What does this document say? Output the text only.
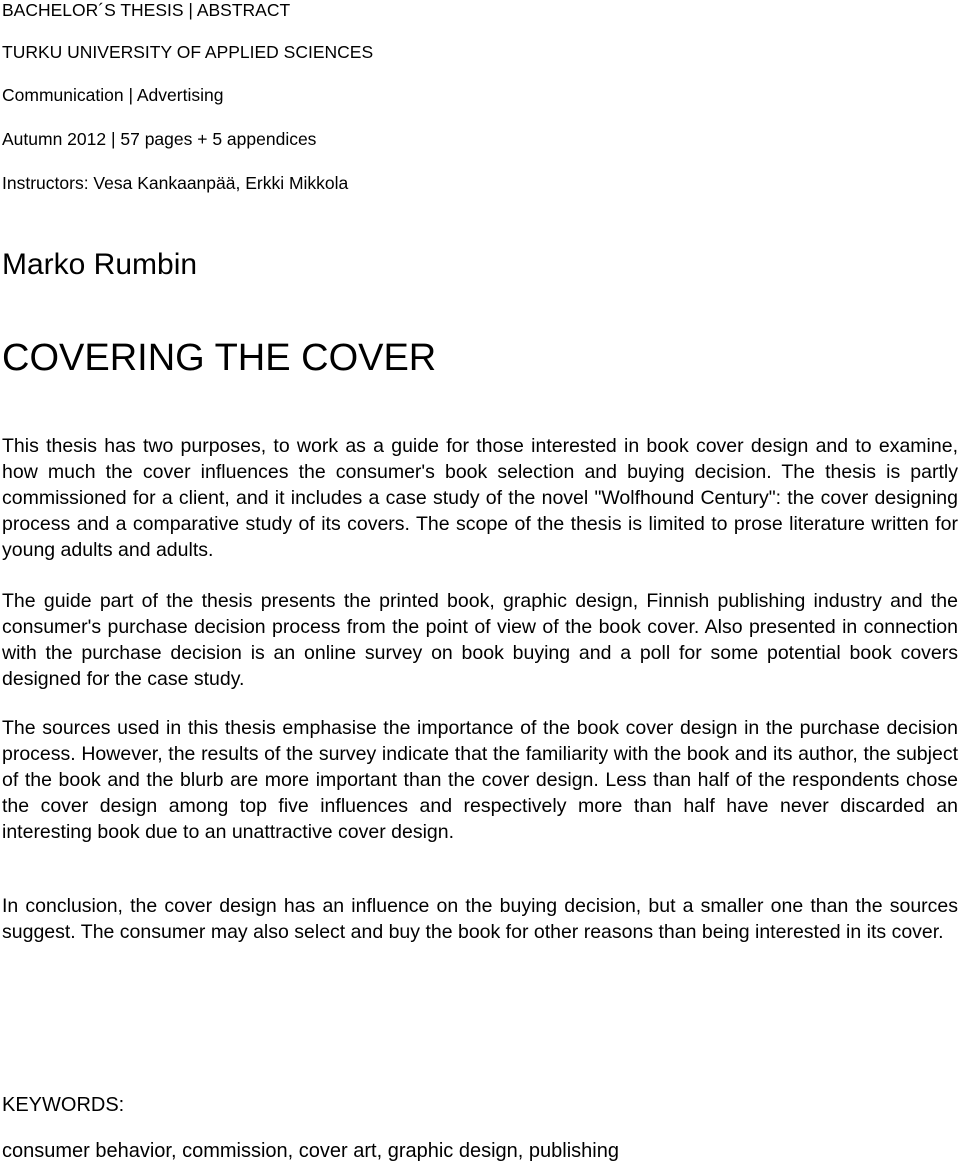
BACHELOR´S THESIS | ABSTRACT
TURKU UNIVERSITY OF APPLIED SCIENCES
Communication | Advertising
Autumn 2012 | 57 pages + 5 appendices
Instructors: Vesa Kankaanpää, Erkki Mikkola
Marko Rumbin
COVERING THE COVER

This thesis has two purposes, to work as a guide for those interested in book cover design and to examine, how much the cover influences the consumer's book selection and buying decision. The thesis is partly commissioned for a client, and it includes a case study of the novel "Wolfhound Century": the cover designing process and a comparative study of its covers. The scope of the thesis is limited to prose literature written for young adults and adults.

The guide part of the thesis presents the printed book, graphic design, Finnish publishing industry and the consumer's purchase decision process from the point of view of the book cover. Also presented in connection with the purchase decision is an online survey on book buying and a poll for some potential book covers designed for the case study.

The sources used in this thesis emphasise the importance of the book cover design in the purchase decision process. However, the results of the survey indicate that the familiarity with the book and its author, the subject of the book and the blurb are more important than the cover design. Less than half of the respondents chose the cover design among top five influences and respectively more than half have never discarded an interesting book due to an unattractive cover design.

In conclusion, the cover design has an influence on the buying decision, but a smaller one than the sources suggest. The consumer may also select and buy the book for other reasons than being interested in its cover.

KEYWORDS:
consumer behavior, commission, cover art, graphic design, publishing
